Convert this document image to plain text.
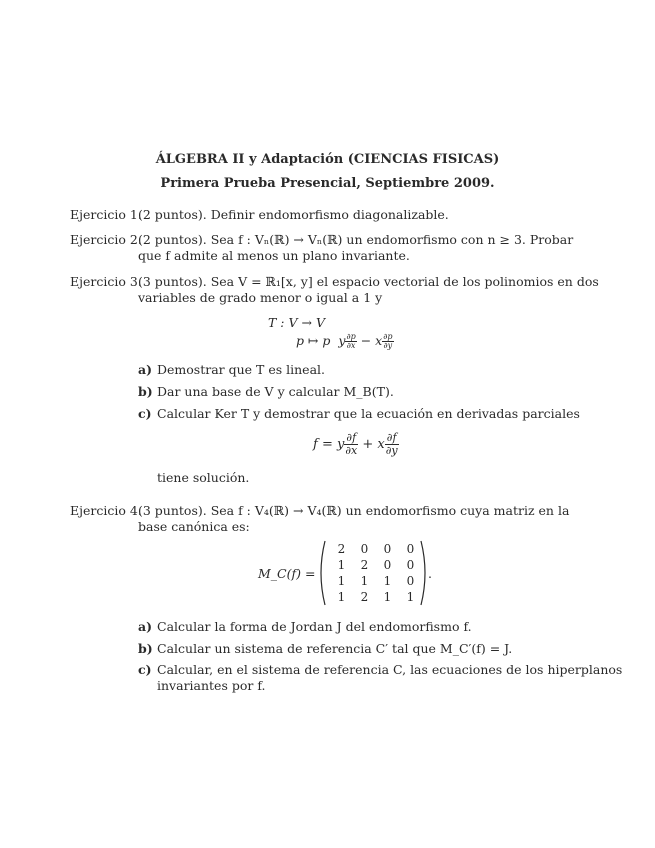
ÁLGEBRA II y Adaptación (CIENCIAS FISICAS)
Primera Prueba Presencial, Septiembre 2009.
Ejercicio 1.(2 puntos). Definir endomorfismo diagonalizable.
Ejercicio 2.(2 puntos). Sea f : Vₙ(ℝ) → Vₙ(ℝ) un endomorfismo con n ≥ 3. Probar
que f admite al menos un plano invariante.
Ejercicio 3.(3 puntos). Sea V = ℝ₁[x, y] el espacio vectorial de los polinomios en dos
variables de grado menor o igual a 1 y
T : V → V
p ↦ p y $\frac{\partial p}{\partial x} - x \frac{\partial p}{\partial y}$
a) Demostrar que T es lineal.
b) Dar una base de V y calcular M_B(T).
c) Calcular Ker T y demostrar que la ecuación en derivadas parciales
f = y $\frac{\partial f}{\partial x} + x \frac{\partial f}{\partial y}$
tiene solución.
Ejercicio 4.(3 puntos). Sea f : V₄(ℝ) → V₄(ℝ) un endomorfismo cuya matriz en la
base canónica es:
M_C(f) =
2	0	0	0
1	2	0	0
1	1	1	0
1	2	1	1
.
a) Calcular la forma de Jordan J del endomorfismo f.
b) Calcular un sistema de referencia C′ tal que M_C′(f) = J.
c) Calcular, en el sistema de referencia C, las ecuaciones de los hiperplanos
invariantes por f.
